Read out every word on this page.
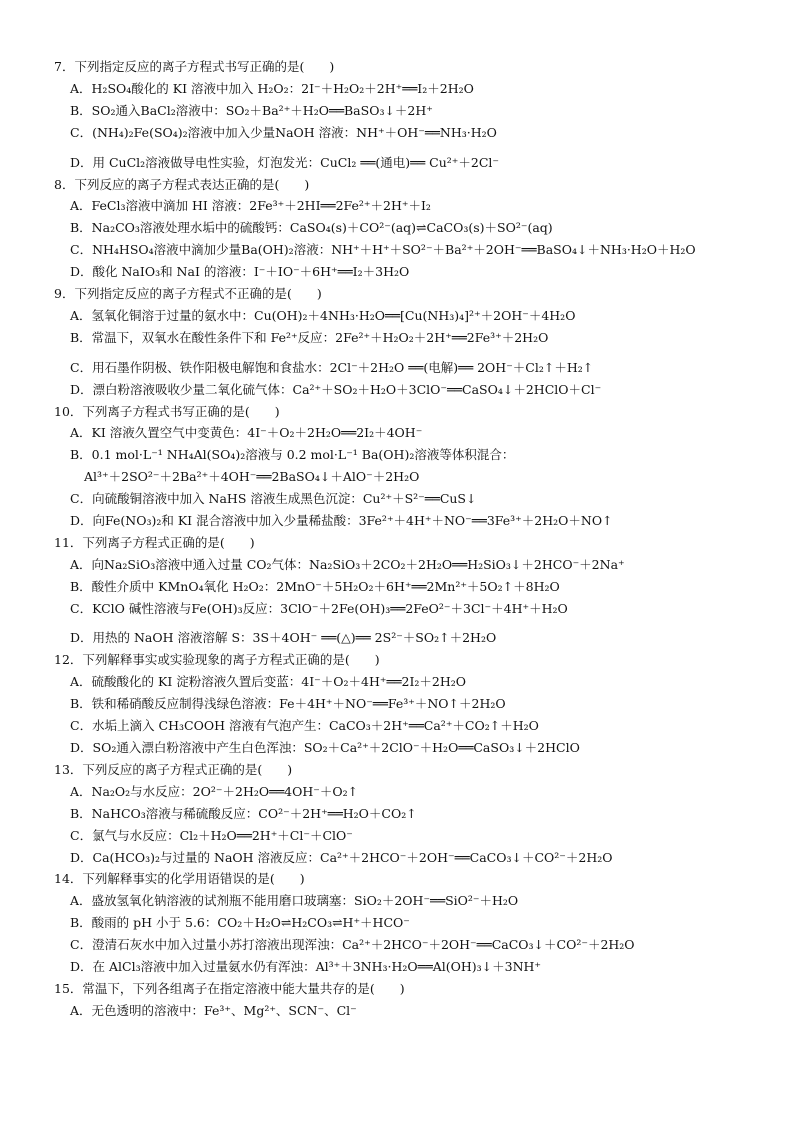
7．下列指定反应的离子方程式书写正确的是(　　)
A．H₂SO₄酸化的 KI 溶液中加入 H₂O₂：2I⁻＋H₂O₂＋2H⁺══I₂＋2H₂O
B．SO₂通入BaCl₂溶液中：SO₂＋Ba²⁺＋H₂O══BaSO₃↓＋2H⁺
C．(NH₄)₂Fe(SO₄)₂溶液中加入少量NaOH 溶液：NH⁺＋OH⁻══NH₃·H₂O
D．用 CuCl₂溶液做导电性实验，灯泡发光：CuCl₂ ══(通电)══ Cu²⁺＋2Cl⁻
8．下列反应的离子方程式表达正确的是(　　)
A．FeCl₃溶液中滴加 HI 溶液：2Fe³⁺＋2HI══2Fe²⁺＋2H⁺＋I₂
B．Na₂CO₃溶液处理水垢中的硫酸钙：CaSO₄(s)＋CO²⁻(aq)⇌CaCO₃(s)＋SO²⁻(aq)
C．NH₄HSO₄溶液中滴加少量Ba(OH)₂溶液：NH⁺＋H⁺＋SO²⁻＋Ba²⁺＋2OH⁻══BaSO₄↓＋NH₃·H₂O＋H₂O
D．酸化 NaIO₃和 NaI 的溶液：I⁻＋IO⁻＋6H⁺══I₂＋3H₂O
9．下列指定反应的离子方程式不正确的是(　　)
A．氢氧化铜溶于过量的氨水中：Cu(OH)₂＋4NH₃·H₂O══[Cu(NH₃)₄]²⁺＋2OH⁻＋4H₂O
B．常温下，双氧水在酸性条件下和 Fe²⁺反应：2Fe²⁺＋H₂O₂＋2H⁺══2Fe³⁺＋2H₂O
C．用石墨作阴极、铁作阳极电解饱和食盐水：2Cl⁻＋2H₂O ══(电解)══ 2OH⁻＋Cl₂↑＋H₂↑
D．漂白粉溶液吸收少量二氧化硫气体：Ca²⁺＋SO₂＋H₂O＋3ClO⁻══CaSO₄↓＋2HClO＋Cl⁻
10．下列离子方程式书写正确的是(　　)
A．KI 溶液久置空气中变黄色：4I⁻＋O₂＋2H₂O══2I₂＋4OH⁻
B．0.1 mol·L⁻¹ NH₄Al(SO₄)₂溶液与 0.2 mol·L⁻¹ Ba(OH)₂溶液等体积混合：
Al³⁺＋2SO²⁻＋2Ba²⁺＋4OH⁻══2BaSO₄↓＋AlO⁻＋2H₂O
C．向硫酸铜溶液中加入 NaHS 溶液生成黑色沉淀：Cu²⁺＋S²⁻══CuS↓
D．向Fe(NO₃)₂和 KI 混合溶液中加入少量稀盐酸：3Fe²⁺＋4H⁺＋NO⁻══3Fe³⁺＋2H₂O＋NO↑
11．下列离子方程式正确的是(　　)
A．向Na₂SiO₃溶液中通入过量 CO₂气体：Na₂SiO₃＋2CO₂＋2H₂O══H₂SiO₃↓＋2HCO⁻＋2Na⁺
B．酸性介质中 KMnO₄氧化 H₂O₂：2MnO⁻＋5H₂O₂＋6H⁺══2Mn²⁺＋5O₂↑＋8H₂O
C．KClO 碱性溶液与Fe(OH)₃反应：3ClO⁻＋2Fe(OH)₃══2FeO²⁻＋3Cl⁻＋4H⁺＋H₂O
D．用热的 NaOH 溶液溶解 S：3S＋4OH⁻ ══(△)══ 2S²⁻＋SO₂↑＋2H₂O
12．下列解释事实或实验现象的离子方程式正确的是(　　)
A．硫酸酸化的 KI 淀粉溶液久置后变蓝：4I⁻＋O₂＋4H⁺══2I₂＋2H₂O
B．铁和稀硝酸反应制得浅绿色溶液：Fe＋4H⁺＋NO⁻══Fe³⁺＋NO↑＋2H₂O
C．水垢上滴入 CH₃COOH 溶液有气泡产生：CaCO₃＋2H⁺══Ca²⁺＋CO₂↑＋H₂O
D．SO₂通入漂白粉溶液中产生白色浑浊：SO₂＋Ca²⁺＋2ClO⁻＋H₂O══CaSO₃↓＋2HClO
13．下列反应的离子方程式正确的是(　　)
A．Na₂O₂与水反应：2O²⁻＋2H₂O══4OH⁻＋O₂↑
B．NaHCO₃溶液与稀硫酸反应：CO²⁻＋2H⁺══H₂O＋CO₂↑
C．氯气与水反应：Cl₂＋H₂O══2H⁺＋Cl⁻＋ClO⁻
D．Ca(HCO₃)₂与过量的 NaOH 溶液反应：Ca²⁺＋2HCO⁻＋2OH⁻══CaCO₃↓＋CO²⁻＋2H₂O
14．下列解释事实的化学用语错误的是(　　)
A．盛放氢氧化钠溶液的试剂瓶不能用磨口玻璃塞：SiO₂＋2OH⁻══SiO²⁻＋H₂O
B．酸雨的 pH 小于 5.6：CO₂＋H₂O⇌H₂CO₃⇌H⁺＋HCO⁻
C．澄清石灰水中加入过量小苏打溶液出现浑浊：Ca²⁺＋2HCO⁻＋2OH⁻══CaCO₃↓＋CO²⁻＋2H₂O
D．在 AlCl₃溶液中加入过量氨水仍有浑浊：Al³⁺＋3NH₃·H₂O══Al(OH)₃↓＋3NH⁺
15．常温下，下列各组离子在指定溶液中能大量共存的是(　　)
A．无色透明的溶液中：Fe³⁺、Mg²⁺、SCN⁻、Cl⁻
